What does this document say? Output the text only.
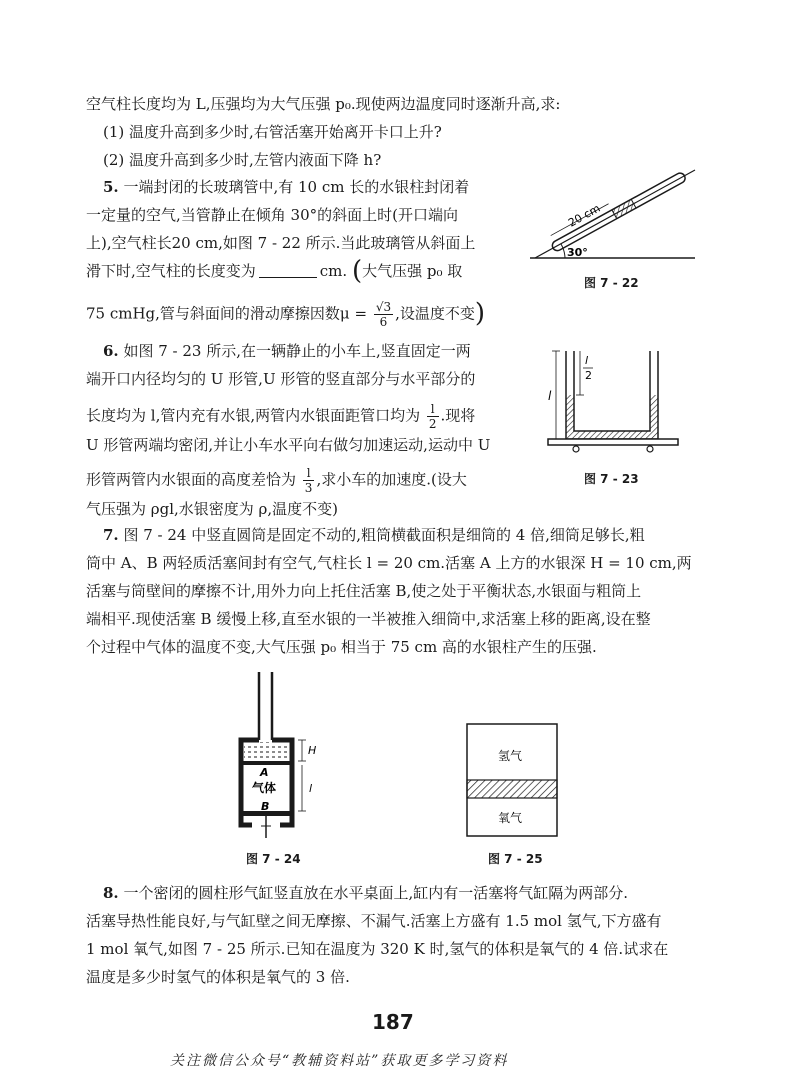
空气柱长度均为 L,压强均为大气压强 p₀.现使两边温度同时逐渐升高,求:
(1) 温度升高到多少时,右管活塞开始离开卡口上升?
(2) 温度升高到多少时,左管内液面下降 h?
5. 一端封闭的长玻璃管中,有 10 cm 长的水银柱封闭着
一定量的空气,当管静止在倾角 30°的斜面上时(开口端向
上),空气柱长20 cm,如图 7 - 22 所示.当此玻璃管从斜面上
滑下时,空气柱的长度变为	cm. (大气压强 p₀ 取
75 cmHg,管与斜面间的滑动摩擦因数$\mu = \frac{√3}{6}$ ,设温度不变)
20 cm
30°
图 7 - 22
6. 如图 7 - 23 所示,在一辆静止的小车上,竖直固定一两
端开口内径均匀的 U 形管,U 形管的竖直部分与水平部分的
长度均为 l,管内充有水银,两管内水银面距管口均为 $\frac{l}{2}$ .现将
U 形管两端均密闭,并让小车水平向右做匀加速运动,运动中 U
形管两管内水银面的高度差恰为 $\frac{l}{3}$ ,求小车的加速度.(设大
气压强为 ρgl,水银密度为 ρ,温度不变)
l
l
2
图 7 - 23
7. 图 7 - 24 中竖直圆筒是固定不动的,粗筒横截面积是细筒的 4 倍,细筒足够长,粗
筒中 A、B 两轻质活塞间封有空气,气柱长 l = 20 cm.活塞 A 上方的水银深 H = 10 cm,两
活塞与筒壁间的摩擦不计,用外力向上托住活塞 B,使之处于平衡状态,水银面与粗筒上
端相平.现使活塞 B 缓慢上移,直至水银的一半被推入细筒中,求活塞上移的距离,设在整
个过程中气体的温度不变,大气压强 p₀ 相当于 75 cm 高的水银柱产生的压强.
A
气体
B
H
l
图 7 - 24
氢气
氧气
图 7 - 25
8. 一个密闭的圆柱形气缸竖直放在水平桌面上,缸内有一活塞将气缸隔为两部分.
活塞导热性能良好,与气缸壁之间无摩擦、不漏气.活塞上方盛有 1.5 mol 氢气,下方盛有
1 mol 氧气,如图 7 - 25 所示.已知在温度为 320 K 时,氢气的体积是氧气的 4 倍.试求在
温度是多少时氢气的体积是氧气的 3 倍.
187
关注微信公众号“教辅资料站”获取更多学习资料
